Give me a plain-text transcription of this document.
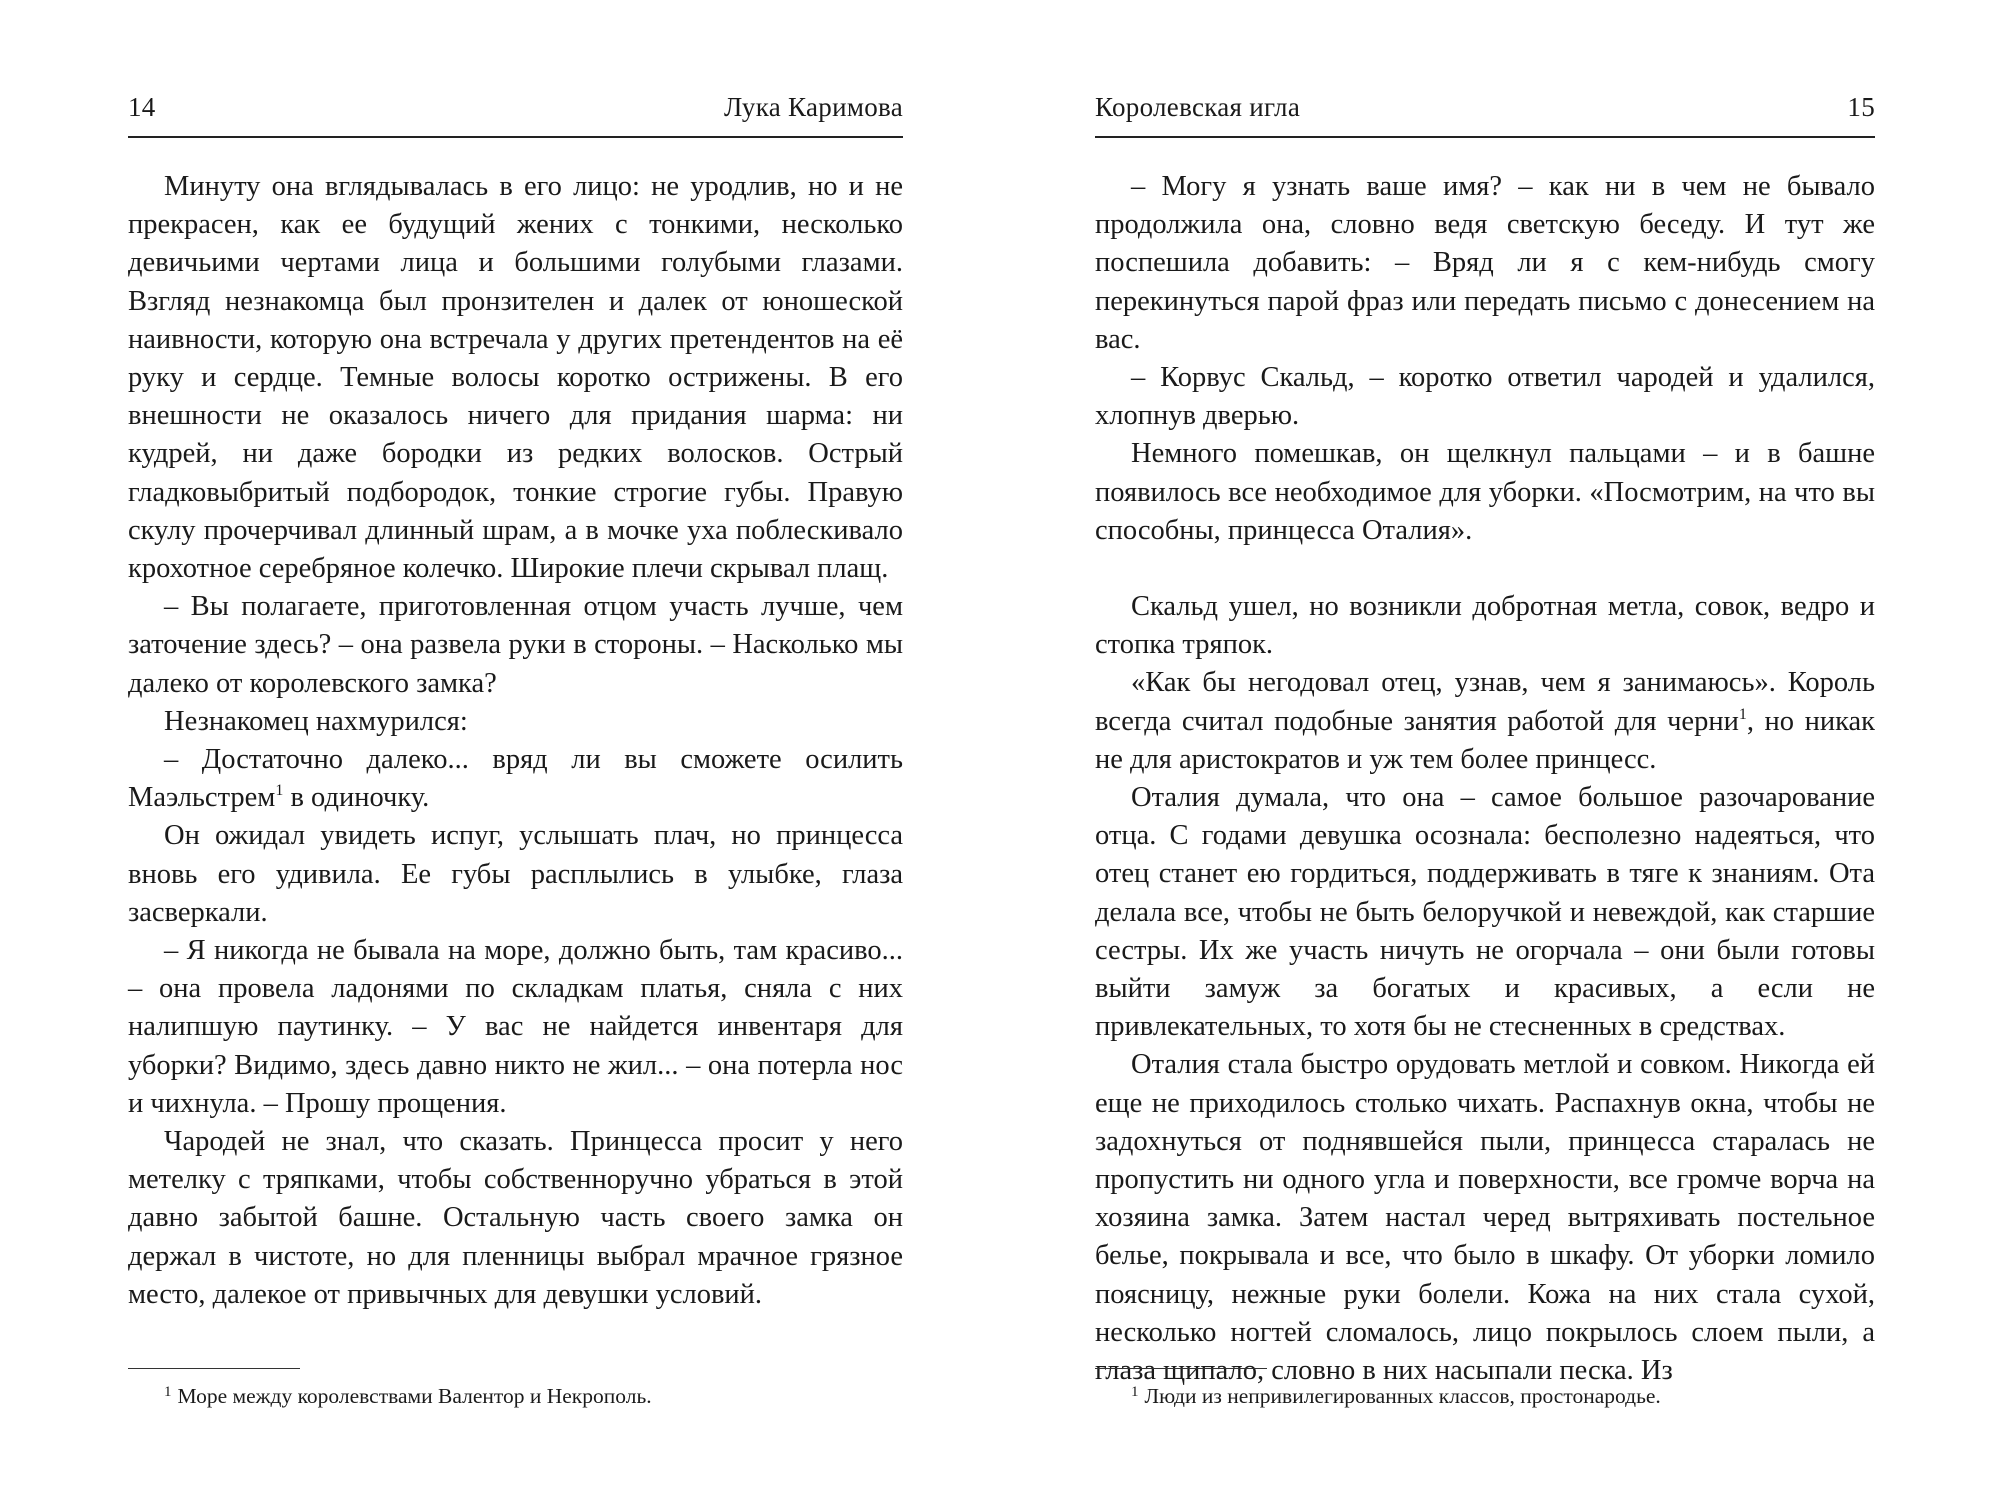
14	Лука Каримова

Минуту она вглядывалась в его лицо: не уродлив, но и не прекрасен, как ее будущий жених с тонкими, несколько девичьими чертами лица и большими голубыми глазами. Взгляд незнакомца был пронзителен и далек от юношеской наивности, которую она встречала у других претендентов на её руку и сердце. Темные волосы коротко острижены. В его внешности не оказалось ничего для придания шарма: ни кудрей, ни даже бородки из редких волосков. Острый гладковыбритый подбородок, тонкие строгие губы. Правую скулу прочерчивал длинный шрам, а в мочке уха поблескивало крохотное серебряное колечко. Широкие плечи скрывал плащ.

– Вы полагаете, приготовленная отцом участь лучше, чем заточение здесь? – она развела руки в стороны. – Насколько мы далеко от королевского замка?

Незнакомец нахмурился:

– Достаточно далеко... вряд ли вы сможете осилить Маэльстрем$^1$ в одиночку.

Он ожидал увидеть испуг, услышать плач, но принцесса вновь его удивила. Ее губы расплылись в улыбке, глаза засверкали.

– Я никогда не бывала на море, должно быть, там красиво... – она провела ладонями по складкам платья, сняла с них налипшую паутинку. – У вас не найдется инвентаря для уборки? Видимо, здесь давно никто не жил... – она потерла нос и чихнула. – Прошу прощения.

Чародей не знал, что сказать. Принцесса просит у него метелку с тряпками, чтобы собственноручно убраться в этой давно забытой башне. Остальную часть своего замка он держал в чистоте, но для пленницы выбрал мрачное грязное место, далекое от привычных для девушки условий.

$^1$ Море между королевствами Валентор и Некрополь.
Королевская игла	15

– Могу я узнать ваше имя? – как ни в чем не бывало продолжила она, словно ведя светскую беседу. И тут же поспешила добавить: – Вряд ли я с кем-нибудь смогу перекинуться парой фраз или передать письмо с донесением на вас.

– Корвус Скальд, – коротко ответил чародей и удалился, хлопнув дверью.

Немного помешкав, он щелкнул пальцами – и в башне появилось все необходимое для уборки. «Посмотрим, на что вы способны, принцесса Оталия».

Скальд ушел, но возникли добротная метла, совок, ведро и стопка тряпок.

«Как бы негодовал отец, узнав, чем я занимаюсь». Король всегда считал подобные занятия работой для черни$^1$, но никак не для аристократов и уж тем более принцесс.

Оталия думала, что она – самое большое разочарование отца. С годами девушка осознала: бесполезно надеяться, что отец станет ею гордиться, поддерживать в тяге к знаниям. Ота делала все, чтобы не быть белоручкой и невеждой, как старшие сестры. Их же участь ничуть не огорчала – они были готовы выйти замуж за богатых и красивых, а если не привлекательных, то хотя бы не стесненных в средствах.

Оталия стала быстро орудовать метлой и совком. Никогда ей еще не приходилось столько чихать. Распахнув окна, чтобы не задохнуться от поднявшейся пыли, принцесса старалась не пропустить ни одного угла и поверхности, все громче ворча на хозяина замка. Затем настал черед вытряхивать постельное белье, покрывала и все, что было в шкафу. От уборки ломило поясницу, нежные руки болели. Кожа на них стала сухой, несколько ногтей сломалось, лицо покрылось слоем пыли, а глаза щипало, словно в них насыпали песка. Из

$^1$ Люди из непривилегированных классов, простонародье.
